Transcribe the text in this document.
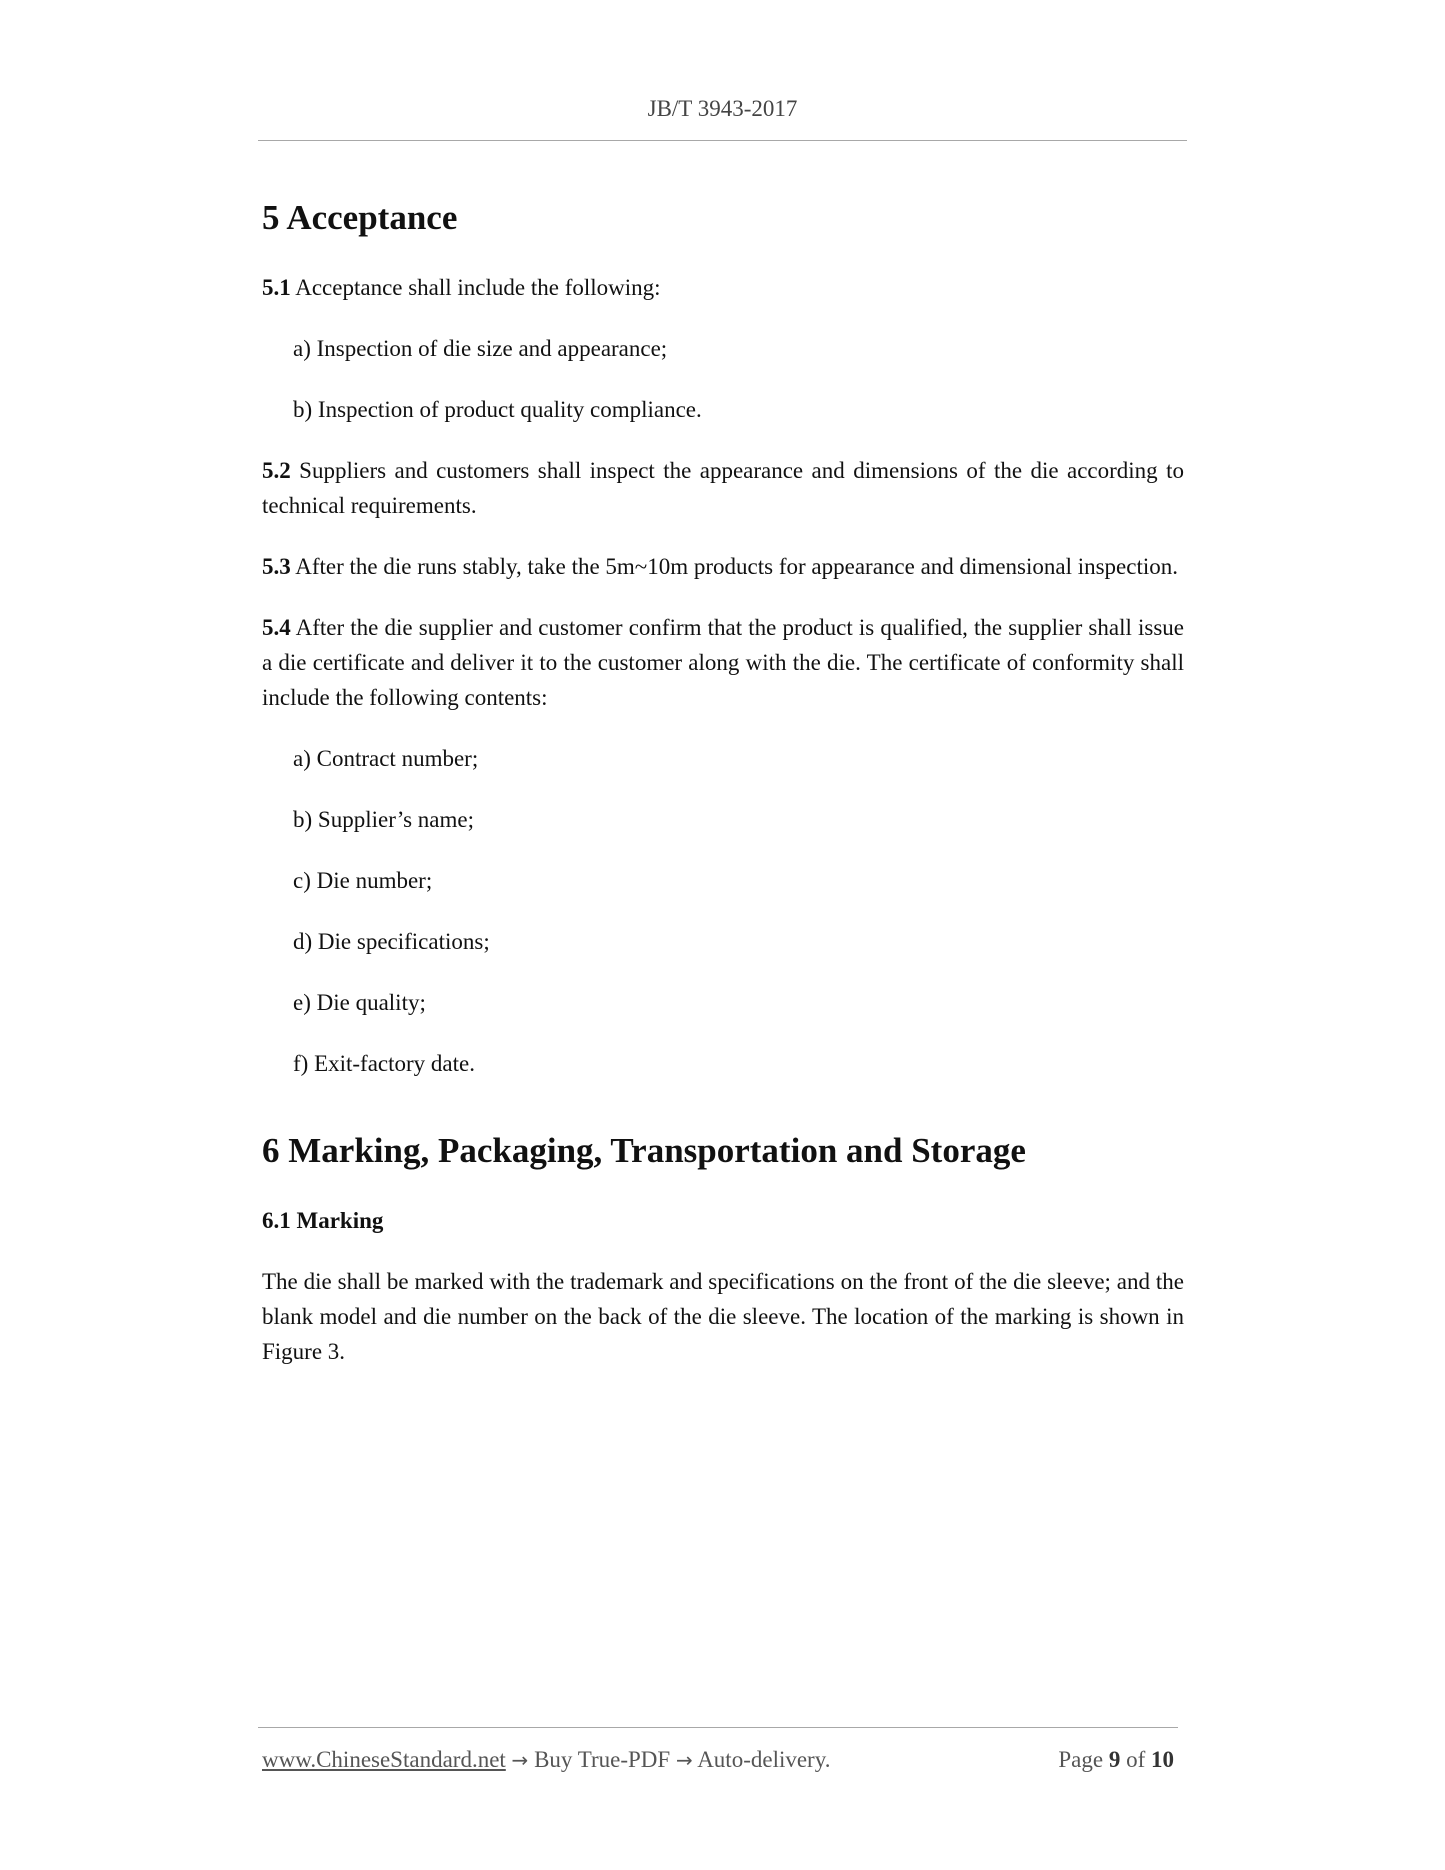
JB/T 3943-2017
5 Acceptance

5.1 Acceptance shall include the following:

a) Inspection of die size and appearance;

b) Inspection of product quality compliance.

5.2 Suppliers and customers shall inspect the appearance and dimensions of the die according to technical requirements.

5.3 After the die runs stably, take the 5m~10m products for appearance and dimensional inspection.

5.4 After the die supplier and customer confirm that the product is qualified, the supplier shall issue a die certificate and deliver it to the customer along with the die. The certificate of conformity shall include the following contents:

a) Contract number;

b) Supplier’s name;

c) Die number;

d) Die specifications;

e) Die quality;

f) Exit-factory date.

6 Marking, Packaging, Transportation and Storage

6.1 Marking

The die shall be marked with the trademark and specifications on the front of the die sleeve; and the blank model and die number on the back of the die sleeve. The location of the marking is shown in Figure 3.

www.ChineseStandard.net → Buy True-PDF → Auto-delivery.	Page 9 of 10
